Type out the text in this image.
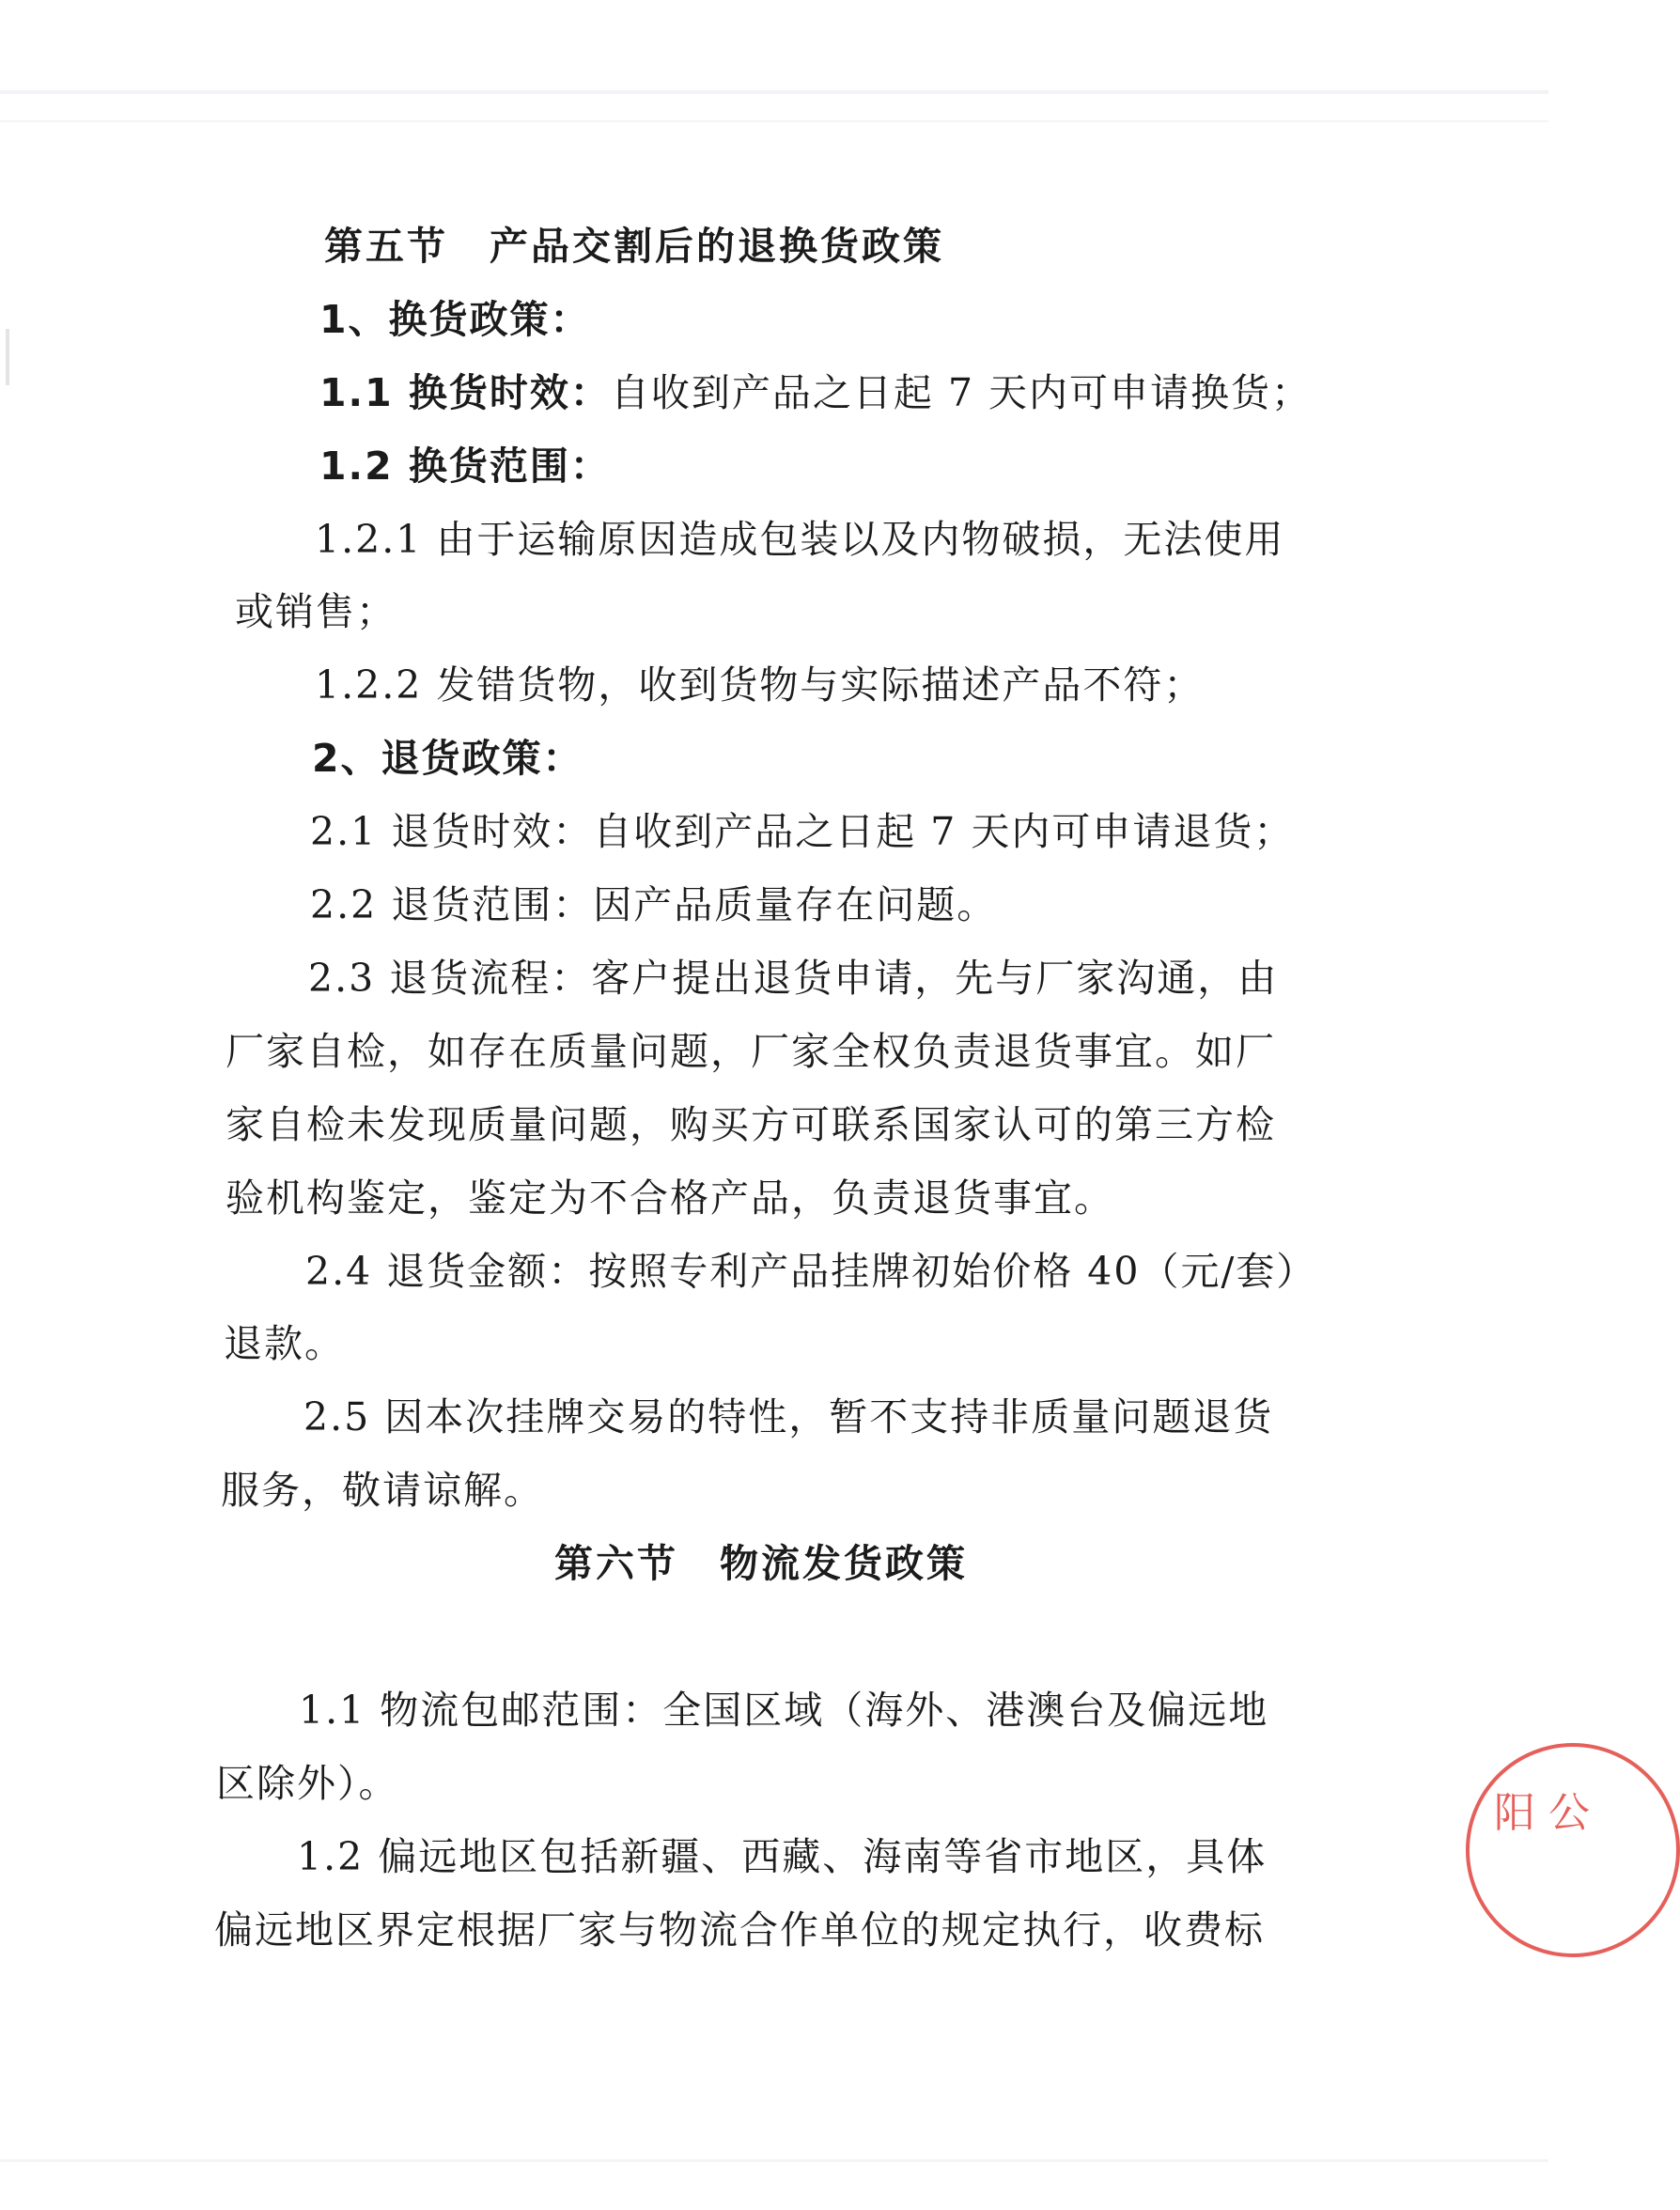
第五节　产品交割后的退换货政策
1、换货政策：
1.1 换货时效：自收到产品之日起 7 天内可申请换货；
1.2 换货范围：
1.2.1 由于运输原因造成包装以及内物破损，无法使用
或销售；
1.2.2 发错货物，收到货物与实际描述产品不符；
2、退货政策：
2.1 退货时效：自收到产品之日起 7 天内可申请退货；
2.2 退货范围：因产品质量存在问题。
2.3 退货流程：客户提出退货申请，先与厂家沟通，由
厂家自检，如存在质量问题，厂家全权负责退货事宜。如厂
家自检未发现质量问题，购买方可联系国家认可的第三方检
验机构鉴定，鉴定为不合格产品，负责退货事宜。
2.4 退货金额：按照专利产品挂牌初始价格 40（元/套）
退款。
2.5 因本次挂牌交易的特性，暂不支持非质量问题退货
服务，敬请谅解。
第六节　物流发货政策
1.1 物流包邮范围：全国区域（海外、港澳台及偏远地
区除外）。
1.2 偏远地区包括新疆、西藏、海南等省市地区，具体
偏远地区界定根据厂家与物流合作单位的规定执行，收费标
阳 公
